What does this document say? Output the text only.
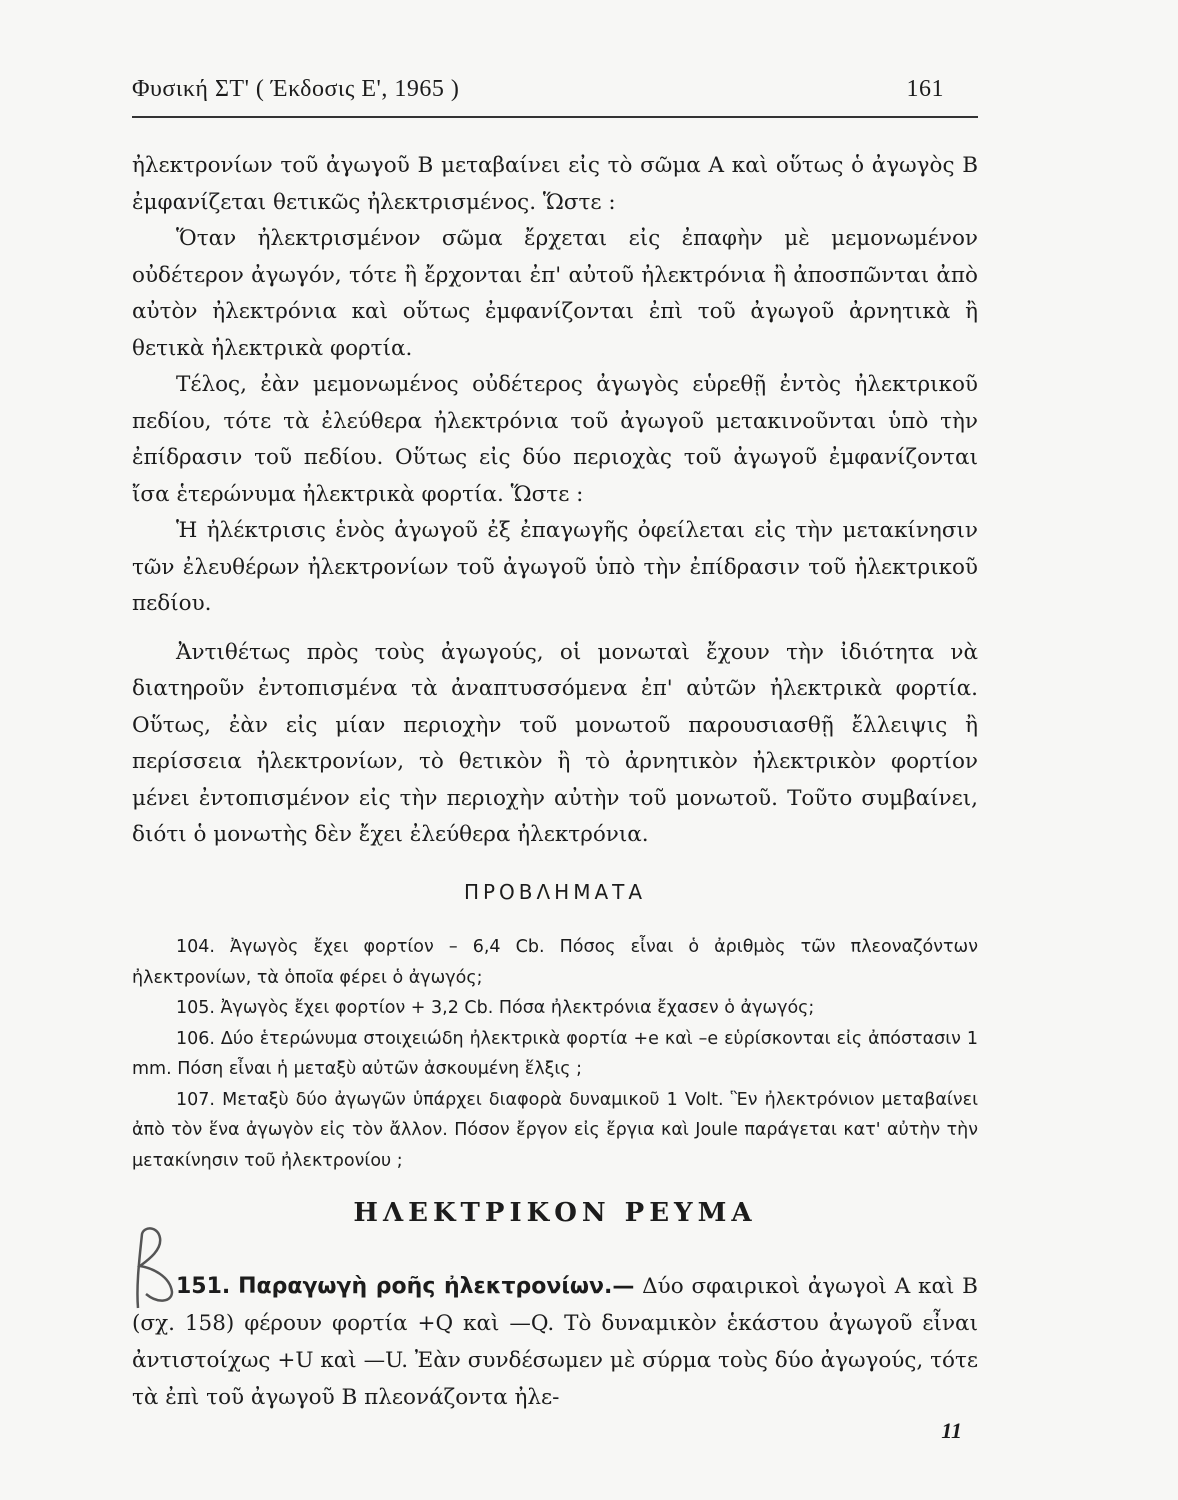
Φυσική ΣΤ' ( Έκδοσις Ε', 1965 )	161

ἠλεκτρονίων τοῦ ἀγωγοῦ Β μεταβαίνει εἰς τὸ σῶμα Α καὶ οὕτως ὁ ἀγωγὸς Β ἐμφανίζεται θετικῶς ἠλεκτρισμένος. Ὥστε :

Ὅταν ἠλεκτρισμένον σῶμα ἔρχεται εἰς ἐπαφὴν μὲ μεμονωμένον οὐδέτερον ἀγωγόν, τότε ἢ ἔρχονται ἐπ' αὐτοῦ ἠλεκτρόνια ἢ ἀποσπῶνται ἀπὸ αὐτὸν ἠλεκτρόνια καὶ οὕτως ἐμφανίζονται ἐπὶ τοῦ ἀγωγοῦ ἀρνητικὰ ἢ θετικὰ ἠλεκτρικὰ φορτία.

Τέλος, ἐὰν μεμονωμένος οὐδέτερος ἀγωγὸς εὑρεθῇ ἐντὸς ἠλεκτρικοῦ πεδίου, τότε τὰ ἐλεύθερα ἠλεκτρόνια τοῦ ἀγωγοῦ μετακινοῦνται ὑπὸ τὴν ἐπίδρασιν τοῦ πεδίου. Οὕτως εἰς δύο περιοχὰς τοῦ ἀγωγοῦ ἐμφανίζονται ἴσα ἑτερώνυμα ἠλεκτρικὰ φορτία. Ὥστε :

Ἡ ἠλέκτρισις ἑνὸς ἀγωγοῦ ἐξ ἐπαγωγῆς ὀφείλεται εἰς τὴν μετακίνησιν τῶν ἐλευθέρων ἠλεκτρονίων τοῦ ἀγωγοῦ ὑπὸ τὴν ἐπίδρασιν τοῦ ἠλεκτρικοῦ πεδίου.

Ἀντιθέτως πρὸς τοὺς ἀγωγούς, οἱ μονωταὶ ἔχουν τὴν ἰδιότητα νὰ διατηροῦν ἐντοπισμένα τὰ ἀναπτυσσόμενα ἐπ' αὐτῶν ἠλεκτρικὰ φορτία. Οὕτως, ἐὰν εἰς μίαν περιοχὴν τοῦ μονωτοῦ παρουσιασθῇ ἔλλειψις ἢ περίσσεια ἠλεκτρονίων, τὸ θετικὸν ἢ τὸ ἀρνητικὸν ἠλεκτρικὸν φορτίον μένει ἐντοπισμένον εἰς τὴν περιοχὴν αὐτὴν τοῦ μονωτοῦ. Τοῦτο συμβαίνει, διότι ὁ μονωτὴς δὲν ἔχει ἐλεύθερα ἠλεκτρόνια.

ΠΡΟΒΛΗΜΑΤΑ

104. Ἀγωγὸς ἔχει φορτίον – 6,4 Cb. Πόσος εἶναι ὁ ἀριθμὸς τῶν πλεοναζόντων ἠλεκτρονίων, τὰ ὁποῖα φέρει ὁ ἀγωγός;

105. Ἀγωγὸς ἔχει φορτίον + 3,2 Cb. Πόσα ἠλεκτρόνια ἔχασεν ὁ ἀγωγός;

106. Δύο ἑτερώνυμα στοιχειώδη ἠλεκτρικὰ φορτία +e καὶ –e εὑρίσκονται εἰς ἀπόστασιν 1 mm. Πόση εἶναι ἡ μεταξὺ αὐτῶν ἀσκουμένη ἕλξις ;

107. Μεταξὺ δύο ἀγωγῶν ὑπάρχει διαφορὰ δυναμικοῦ 1 Volt. Ἓν ἠλεκτρόνιον μεταβαίνει ἀπὸ τὸν ἕνα ἀγωγὸν εἰς τὸν ἄλλον. Πόσον ἔργον εἰς ἔργια καὶ Joule παράγεται κατ' αὐτὴν τὴν μετακίνησιν τοῦ ἠλεκτρονίου ;

ΗΛΕΚΤΡΙΚΟΝ ΡΕΥΜΑ
151. Παραγωγὴ ροῆς ἠλεκτρονίων.— Δύο σφαιρικοὶ ἀγωγοὶ Α καὶ Β (σχ. 158) φέρουν φορτία +Q καὶ —Q. Τὸ δυναμικὸν ἑκάστου ἀγωγοῦ εἶναι ἀντιστοίχως +U καὶ —U. Ἐὰν συνδέσωμεν μὲ σύρμα τοὺς δύο ἀγωγούς, τότε τὰ ἐπὶ τοῦ ἀγωγοῦ Β πλεονάζοντα ἠλε-
11
